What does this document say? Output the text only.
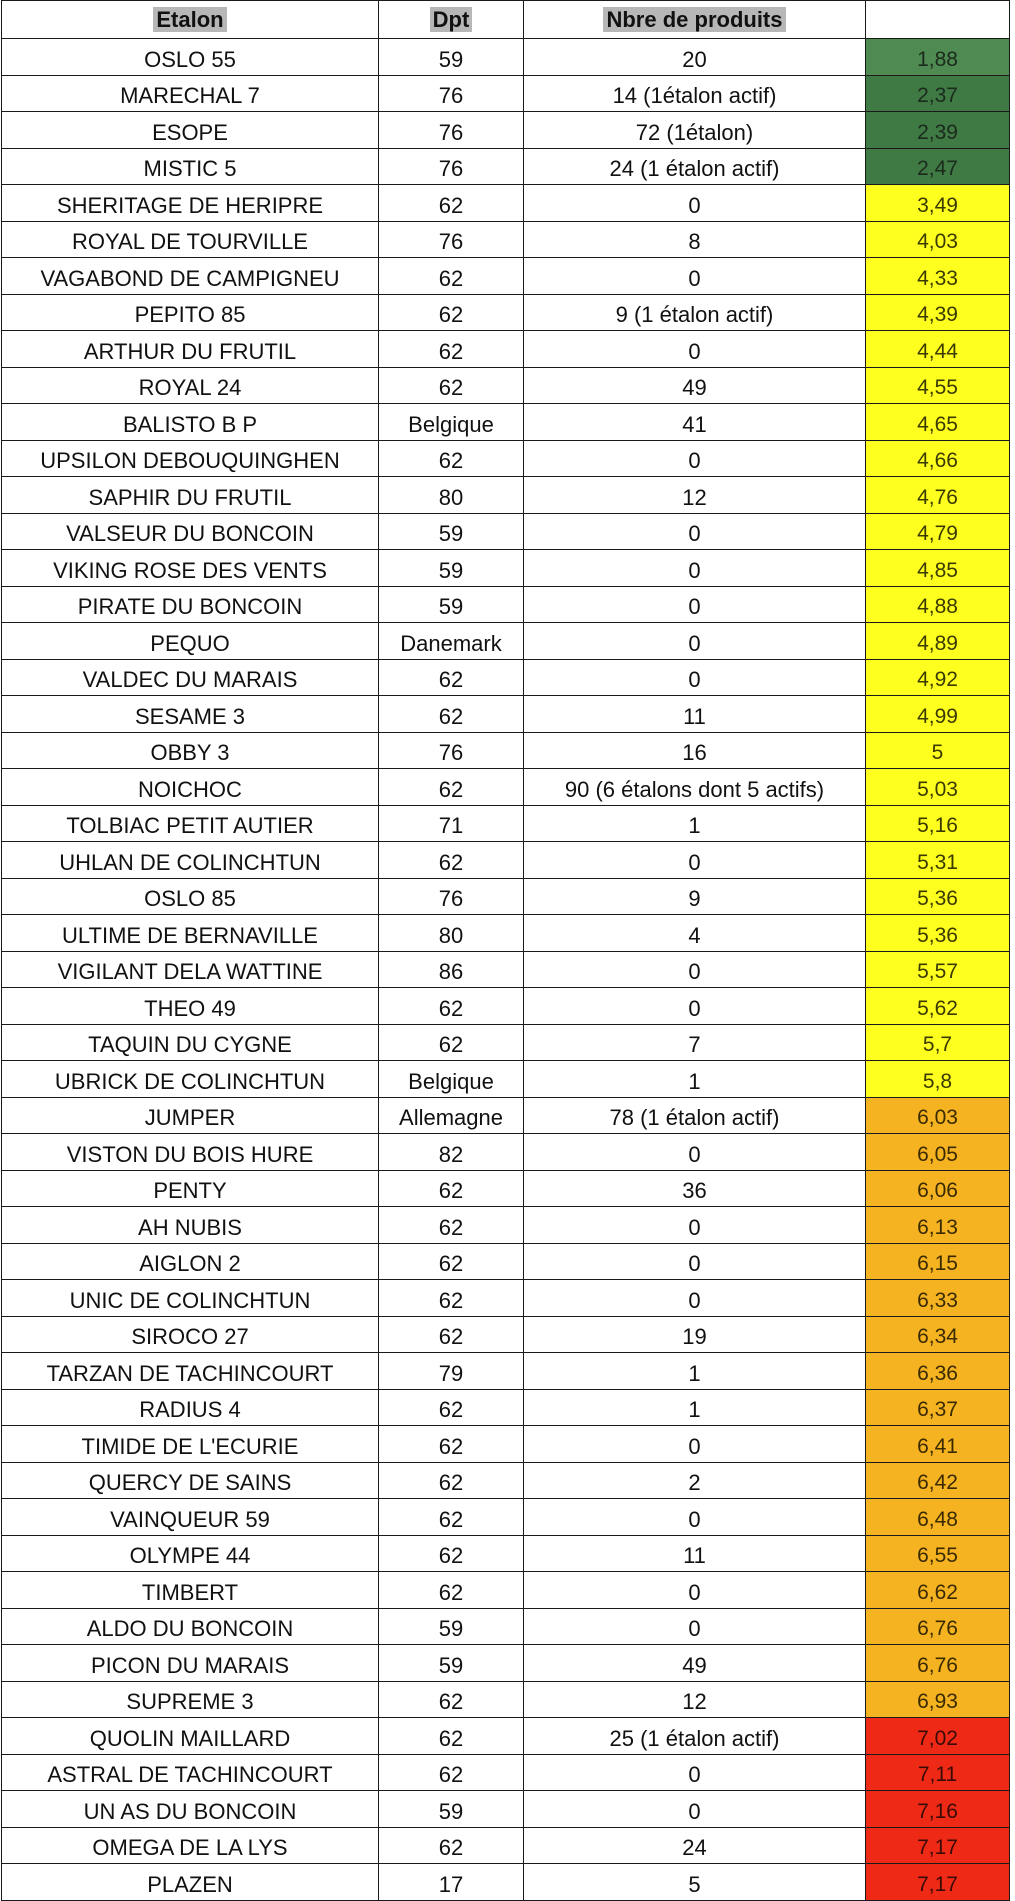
Etalon	Dpt	Nbre de produits	
OSLO 55	59	20	1,88
MARECHAL 7	76	14 (1étalon actif)	2,37
ESOPE	76	72 (1étalon)	2,39
MISTIC 5	76	24 (1 étalon actif)	2,47
SHERITAGE DE HERIPRE	62	0	3,49
ROYAL DE TOURVILLE	76	8	4,03
VAGABOND DE CAMPIGNEU	62	0	4,33
PEPITO 85	62	9 (1 étalon actif)	4,39
ARTHUR DU FRUTIL	62	0	4,44
ROYAL 24	62	49	4,55
BALISTO B P	Belgique	41	4,65
UPSILON DEBOUQUINGHEN	62	0	4,66
SAPHIR DU FRUTIL	80	12	4,76
VALSEUR DU BONCOIN	59	0	4,79
VIKING ROSE DES VENTS	59	0	4,85
PIRATE DU BONCOIN	59	0	4,88
PEQUO	Danemark	0	4,89
VALDEC DU MARAIS	62	0	4,92
SESAME 3	62	11	4,99
OBBY 3	76	16	5
NOICHOC	62	90 (6 étalons dont 5 actifs)	5,03
TOLBIAC PETIT AUTIER	71	1	5,16
UHLAN DE COLINCHTUN	62	0	5,31
OSLO 85	76	9	5,36
ULTIME DE BERNAVILLE	80	4	5,36
VIGILANT DELA WATTINE	86	0	5,57
THEO 49	62	0	5,62
TAQUIN DU CYGNE	62	7	5,7
UBRICK DE COLINCHTUN	Belgique	1	5,8
JUMPER	Allemagne	78 (1 étalon actif)	6,03
VISTON DU BOIS HURE	82	0	6,05
PENTY	62	36	6,06
AH NUBIS	62	0	6,13
AIGLON 2	62	0	6,15
UNIC DE COLINCHTUN	62	0	6,33
SIROCO 27	62	19	6,34
TARZAN DE TACHINCOURT	79	1	6,36
RADIUS 4	62	1	6,37
TIMIDE DE L'ECURIE	62	0	6,41
QUERCY DE SAINS	62	2	6,42
VAINQUEUR 59	62	0	6,48
OLYMPE 44	62	11	6,55
TIMBERT	62	0	6,62
ALDO DU BONCOIN	59	0	6,76
PICON DU MARAIS	59	49	6,76
SUPREME 3	62	12	6,93
QUOLIN MAILLARD	62	25 (1 étalon actif)	7,02
ASTRAL DE TACHINCOURT	62	0	7,11
UN AS DU BONCOIN	59	0	7,16
OMEGA DE LA LYS	62	24	7,17
PLAZEN	17	5	7,17
